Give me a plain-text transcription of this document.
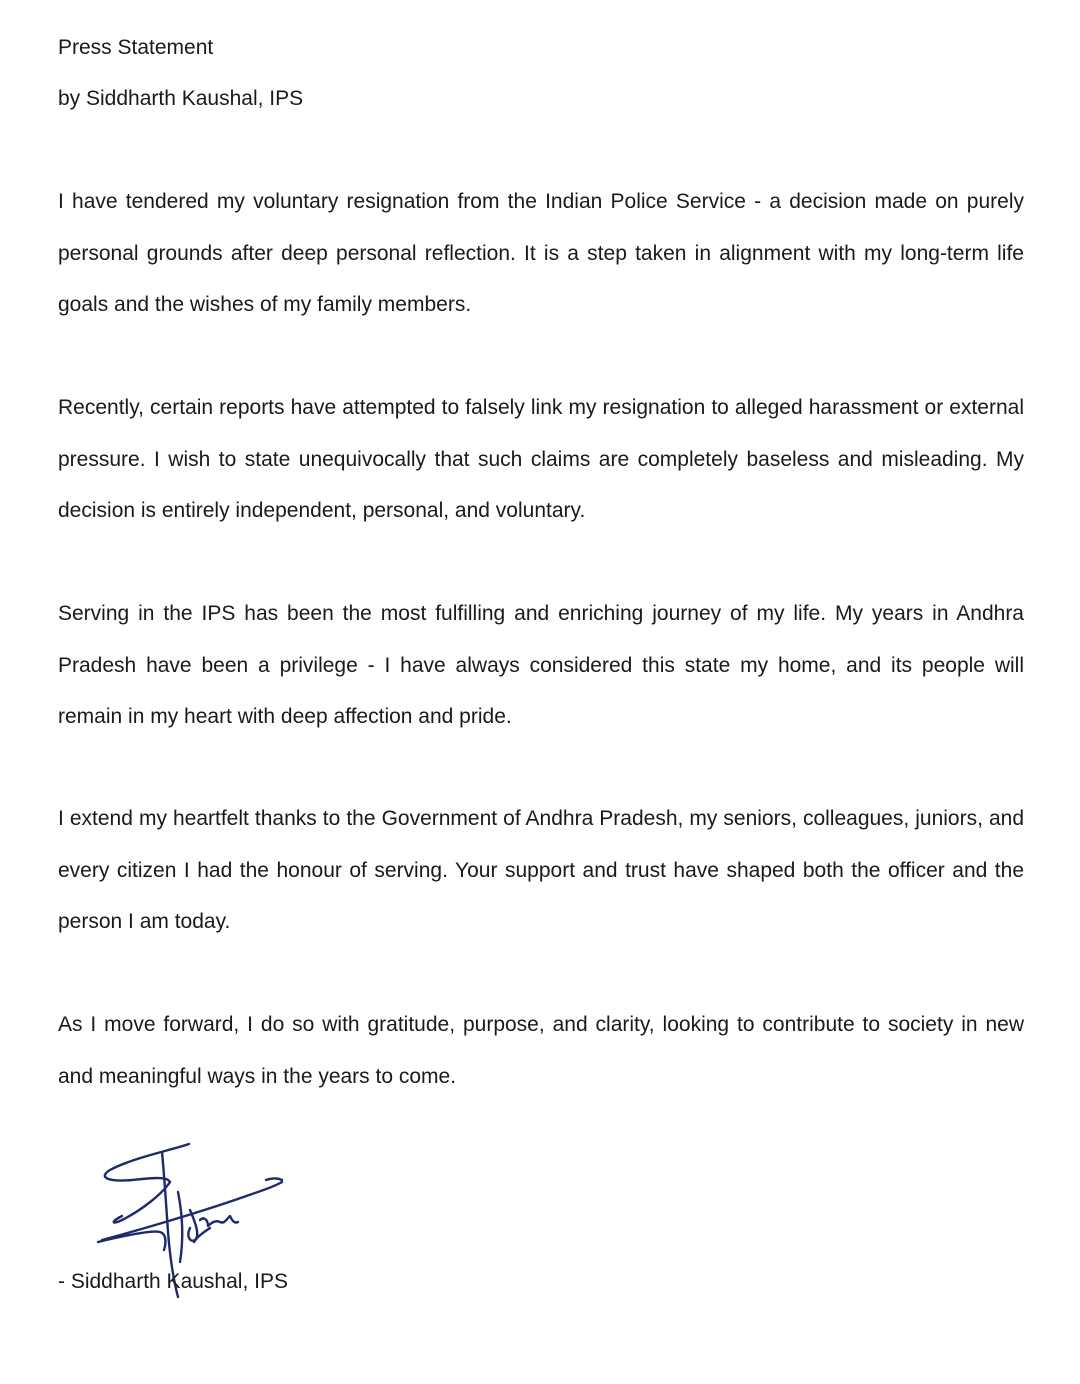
Press Statement
by Siddharth Kaushal, IPS

I have tendered my voluntary resignation from the Indian Police Service - a decision made on purely personal grounds after deep personal reflection. It is a step taken in alignment with my long-term life goals and the wishes of my family members.

Recently, certain reports have attempted to falsely link my resignation to alleged harassment or external pressure. I wish to state unequivocally that such claims are completely baseless and misleading. My decision is entirely independent, personal, and voluntary.

Serving in the IPS has been the most fulfilling and enriching journey of my life. My years in Andhra Pradesh have been a privilege - I have always considered this state my home, and its people will remain in my heart with deep affection and pride.

I extend my heartfelt thanks to the Government of Andhra Pradesh, my seniors, colleagues, juniors, and every citizen I had the honour of serving. Your support and trust have shaped both the officer and the person I am today.

As I move forward, I do so with gratitude, purpose, and clarity, looking to contribute to society in new and meaningful ways in the years to come.

- Siddharth Kaushal, IPS
